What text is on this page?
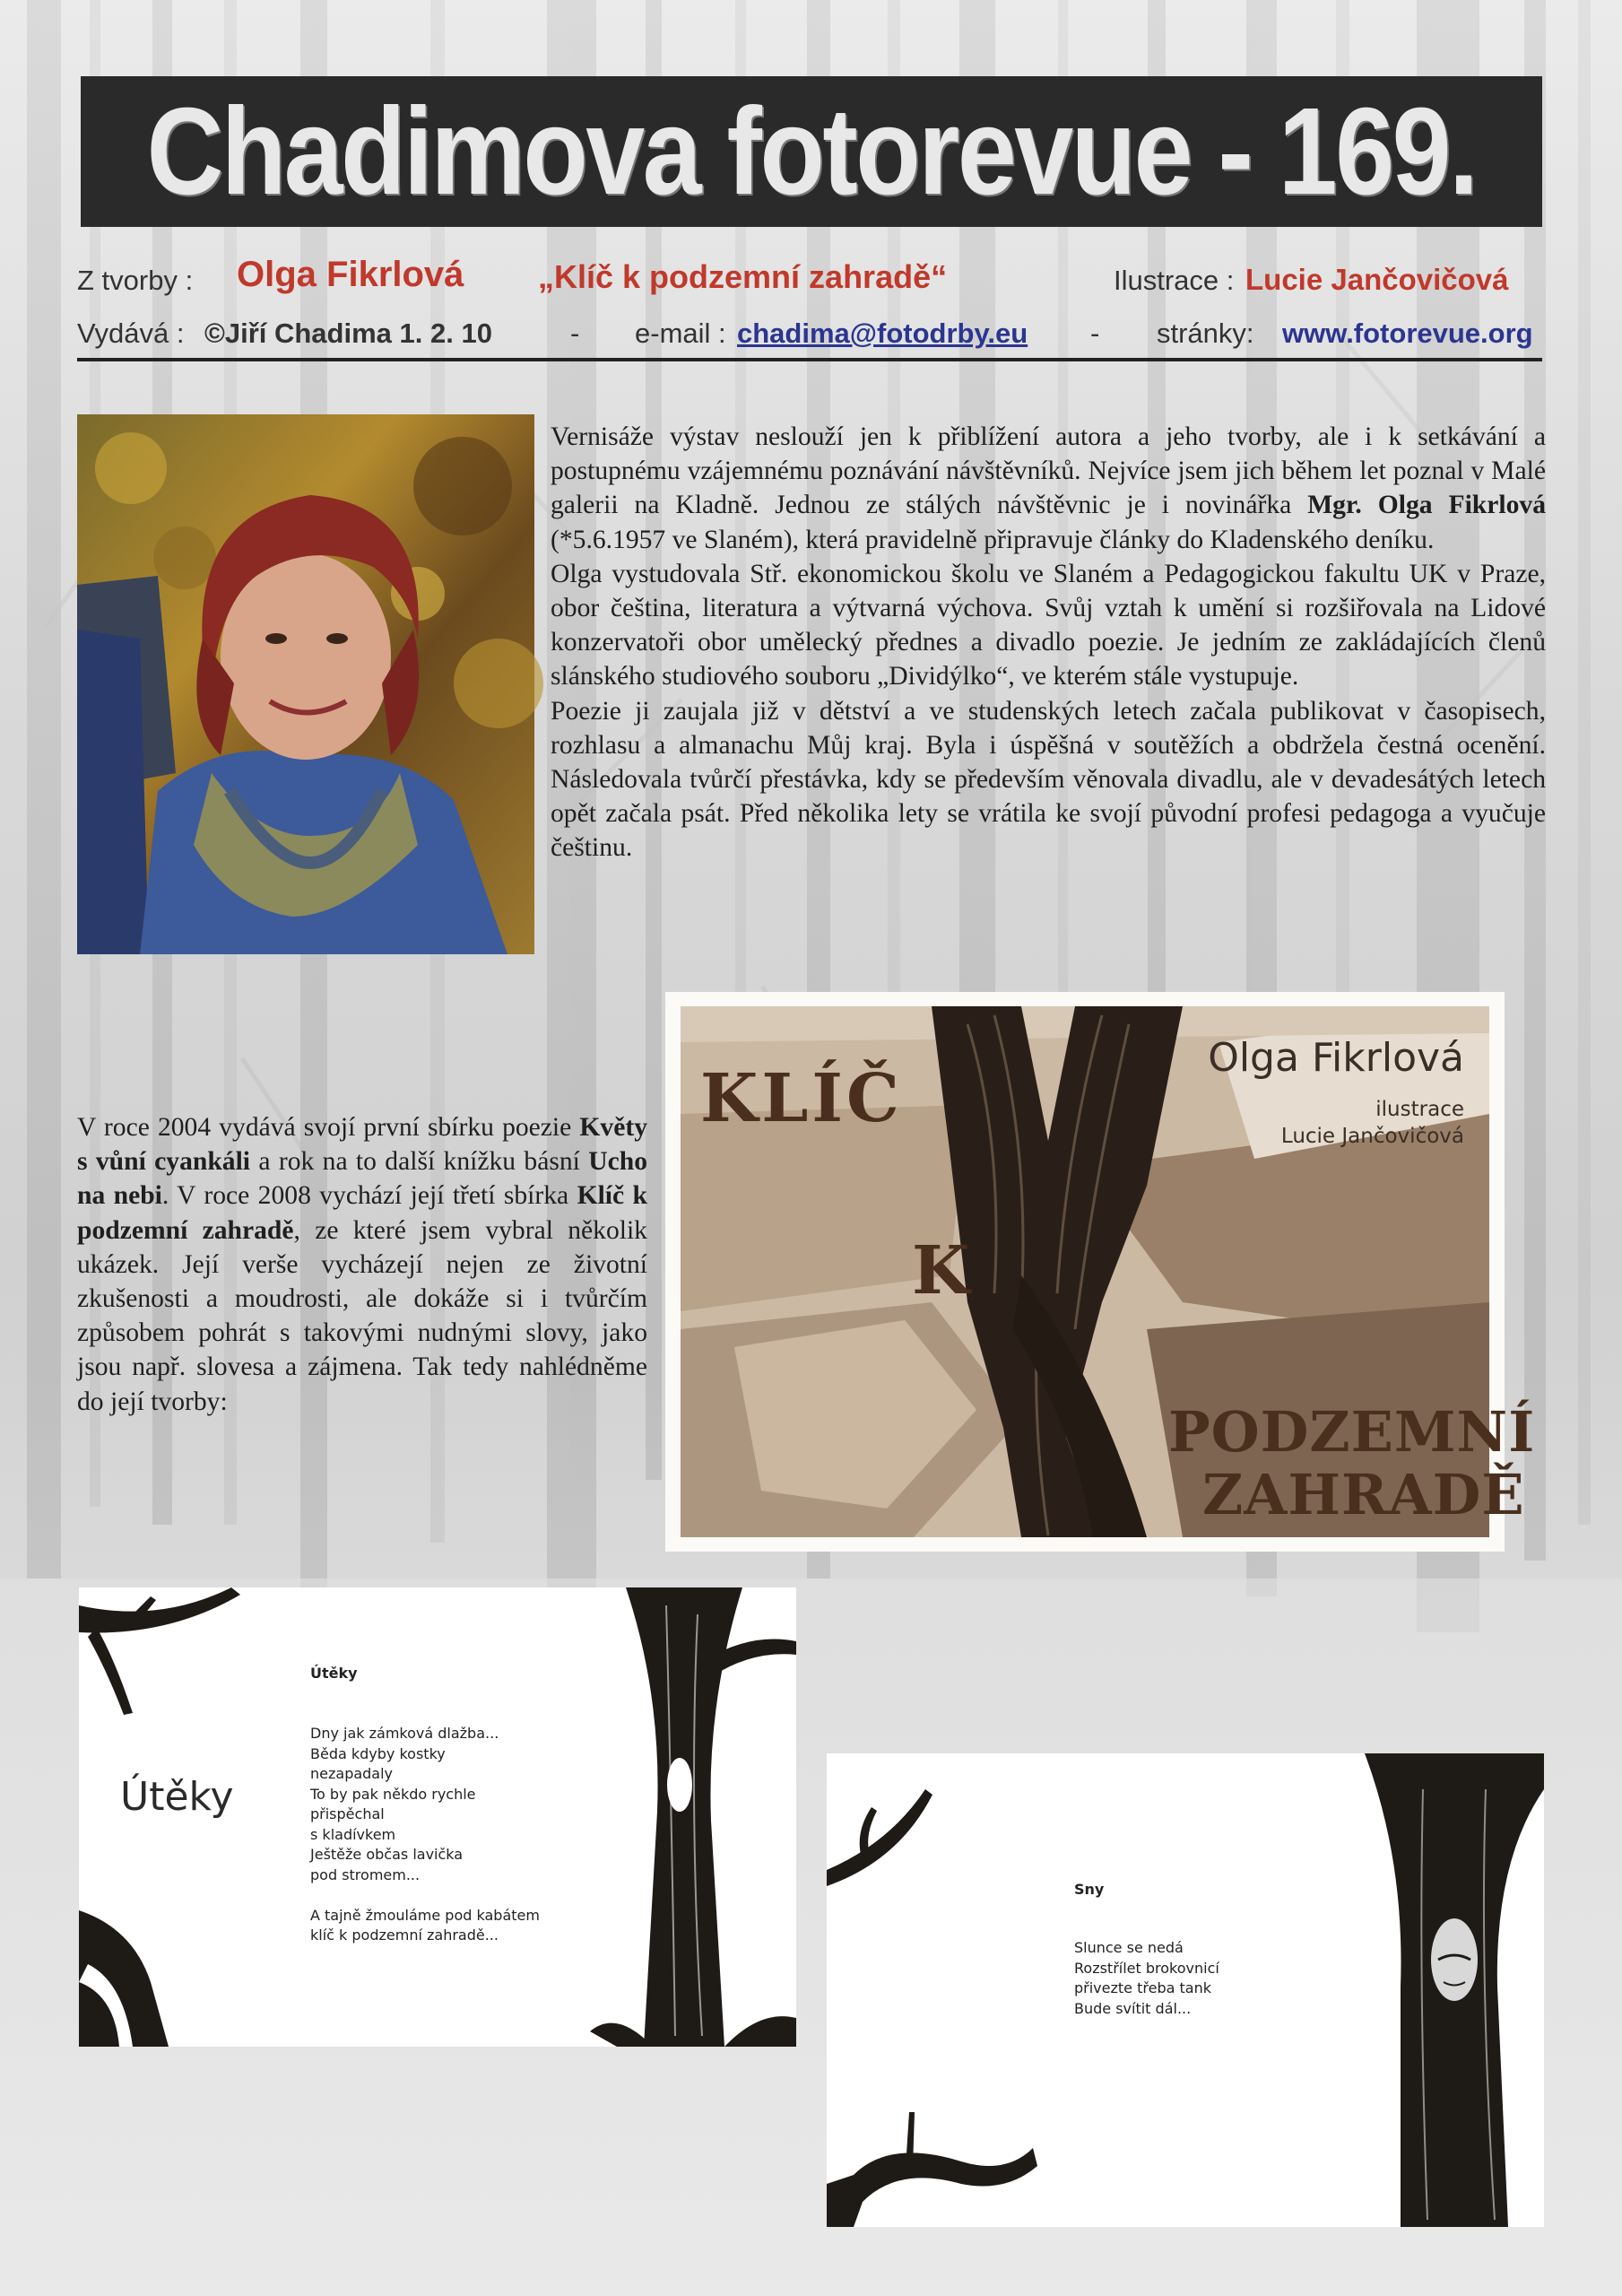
Chadimova fotorevue - 169.
Z tvorby : Olga Fikrlová „Klíč k podzemní zahradě“	Ilustrace : Lucie Jančovičová
Vydává : ©Jiří Chadima 1. 2. 10	- e-mail : chadima@fotodrby.eu - stránky: www.fotorevue.org

Vernisáže výstav neslouží jen k přiblížení autora a jeho tvorby, ale i k setkávání a postupnému vzájemnému poznávání návštěvníků. Nejvíce jsem jich během let poznal v Malé galerii na Kladně. Jednou ze stálých návštěvnic je i novinářka Mgr. Olga Fikrlová (*5.6.1957 ve Slaném), která pravidelně připravuje články do Kladenského deníku.

Olga vystudovala Stř. ekonomickou školu ve Slaném a Pedagogickou fakultu UK v Praze, obor čeština, literatura a výtvarná výchova. Svůj vztah k umění si rozšiřovala na Lidové konzervatoři obor umělecký přednes a divadlo poezie. Je jedním ze zakládajících členů slánského studiového souboru „Dividýlko“, ve kterém stále vystupuje.

Poezie ji zaujala již v dětství a ve studenských letech začala publikovat v časopisech, rozhlasu a almanachu Můj kraj. Byla i úspěšná v soutěžích a obdržela čestná ocenění. Následovala tvůrčí přestávka, kdy se především věnovala divadlu, ale v devadesátých letech opět začala psát. Před několika lety se vrátila ke svojí původní profesi pedagoga a vyučuje češtinu.

V roce 2004 vydává svojí první sbírku poezie Květy s vůní cyankáli a rok na to další knížku básní Ucho na nebi. V roce 2008 vychází její třetí sbírka Klíč k podzemní zahradě, ze které jsem vybral několik ukázek. Její verše vycházejí nejen ze životní zkušenosti a moudrosti, ale dokáže si i tvůrčím způsobem pohrát s takovými nudnými slovy, jako jsou např. slovesa a zájmena. Tak tedy nahlédněme do její tvorby:

KLÍČ
K
PODZEMNÍ
ZAHRADĚ
Olga Fikrlová
ilustrace
Lucie Jančovičová
Útěky
Útěky
Dny jak zámková dlažba...
Běda kdyby kostky
nezapadaly
To by pak někdo rychle
přispěchal
s kladívkem
Ještěže občas lavička
pod stromem...

A tajně žmouláme pod kabátem
klíč k podzemní zahradě...
Sny
Slunce se nedá
Rozstřílet brokovnicí
přivezte třeba tank
Bude svítit dál...
